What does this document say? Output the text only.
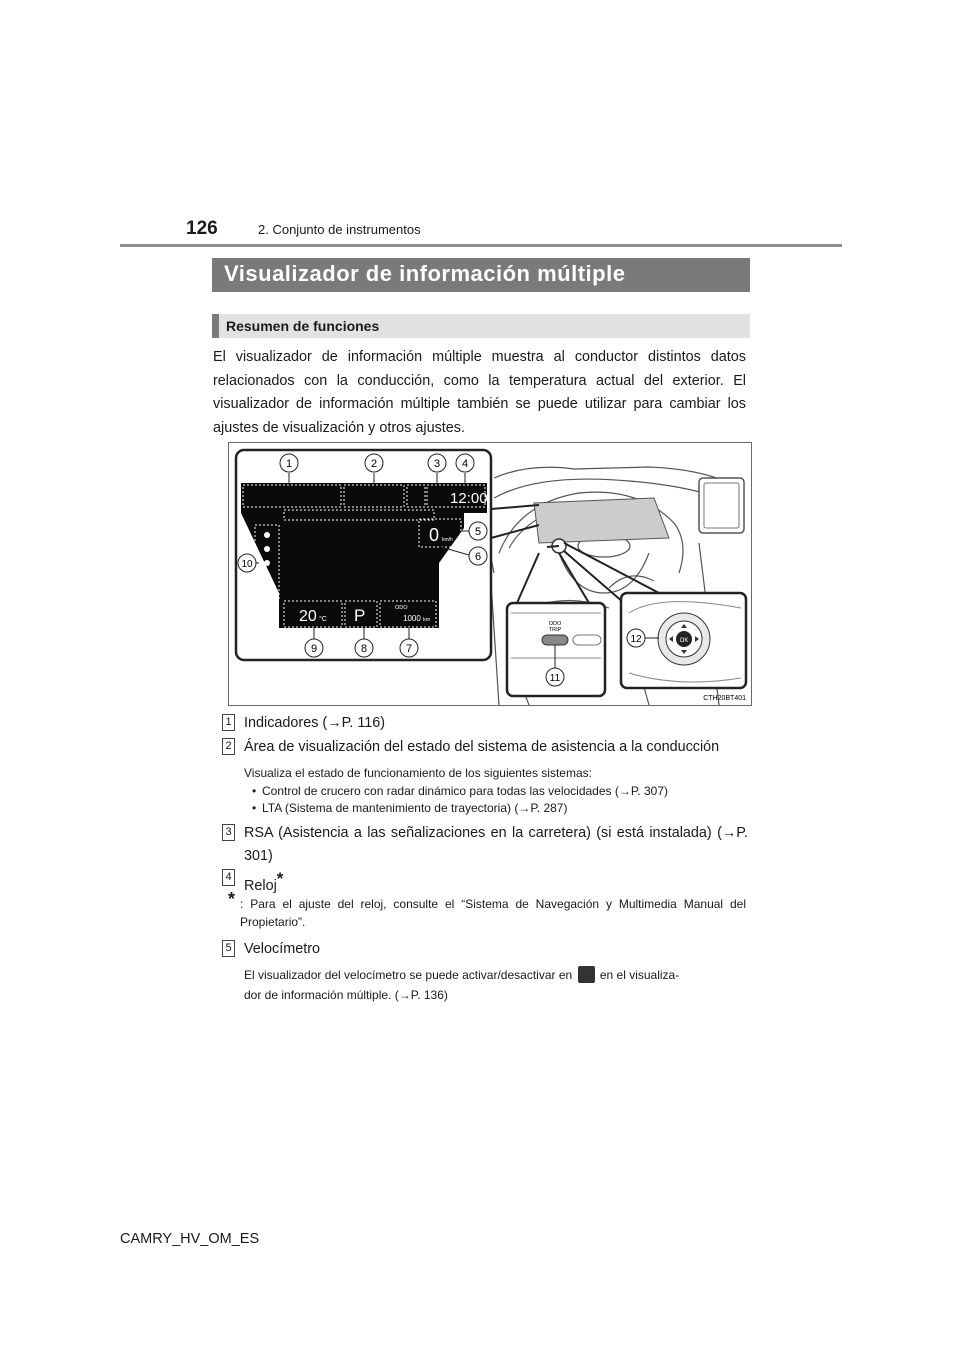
126	2. Conjunto de instrumentos
Visualizador de información múltiple
Resumen de funciones
El visualizador de información múltiple muestra al conductor distintos datos relacionados con la conducción, como la temperatura actual del exterior. El visualizador de información múltiple también se puede utilizar para cambiar los ajustes de visualización y otros ajustes.
12:00
0 km/h
20 °C P	ODO
1000 km
1	2	3 4
5
6
7
8
9
10
ODO
TRIP
11
OK
12
CTH20BT401
1 Indicadores (→P. 116)
2 Área de visualización del estado del sistema de asistencia a la conducción
Visualiza el estado de funcionamiento de los siguientes sistemas:
• Control de crucero con radar dinámico para todas las velocidades (→P. 307)
• LTA (Sistema de mantenimiento de trayectoria) (→P. 287)
3 RSA (Asistencia a las señalizaciones en la carretera) (si está instalada) (→P. 301)
4
Reloj*
* : Para el ajuste del reloj, consulte el “Sistema de Navegación y Multimedia Manual del Propietario”.
5 Velocímetro
El visualizador del velocímetro se puede activar/desactivar en en el visualiza-
dor de información múltiple. (→P. 136)
CAMRY_HV_OM_ES
